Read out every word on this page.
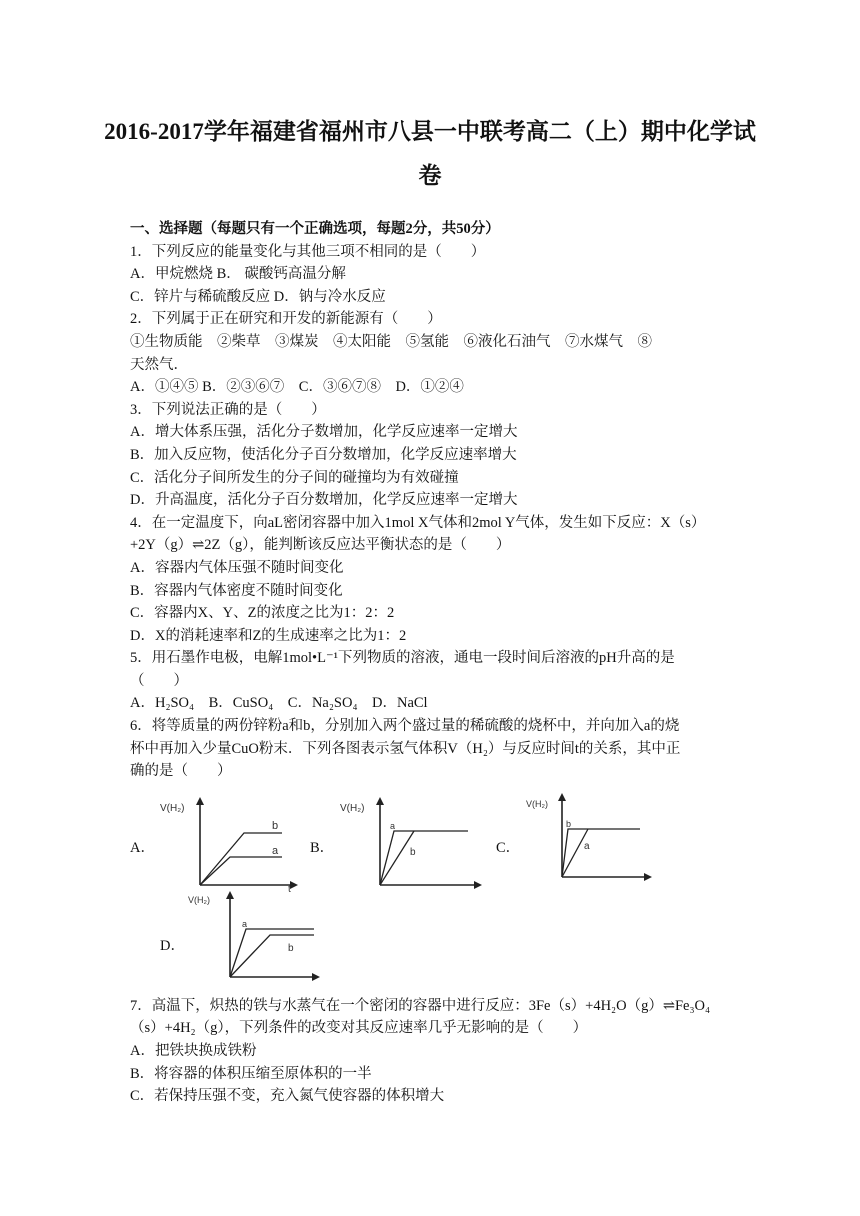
2016-2017学年福建省福州市八县一中联考高二（上）期中化学试卷
一、选择题（每题只有一个正确选项，每题2分，共50分）
1．下列反应的能量变化与其他三项不相同的是（　　）
A．甲烷燃烧 B． 碳酸钙高温分解
C．锌片与稀硫酸反应 D．钠与冷水反应
2．下列属于正在研究和开发的新能源有（　　）
①生物质能　②柴草　③煤炭　④太阳能　⑤氢能　⑥液化石油气　⑦水煤气　⑧
天然气．
A．①④⑤ B．②③⑥⑦　C．③⑥⑦⑧　D．①②④
3．下列说法正确的是（　　）
A．增大体系压强，活化分子数增加，化学反应速率一定增大
B．加入反应物，使活化分子百分数增加，化学反应速率增大
C．活化分子间所发生的分子间的碰撞均为有效碰撞
D．升高温度，活化分子百分数增加，化学反应速率一定增大
4．在一定温度下，向aL密闭容器中加入1mol X气体和2mol Y气体，发生如下反应：X（s）
+2Y（g）⇌2Z（g），能判断该反应达平衡状态的是（　　）
A．容器内气体压强不随时间变化
B．容器内气体密度不随时间变化
C．容器内X、Y、Z的浓度之比为1：2：2
D．X的消耗速率和Z的生成速率之比为1：2
5．用石墨作电极，电解1mol•L⁻¹下列物质的溶液，通电一段时间后溶液的pH升高的是
（　　）
A．H₂SO₄　B．CuSO₄　C．Na₂SO₄　D．NaCl
6．将等质量的两份锌粉a和b，分别加入两个盛过量的稀硫酸的烧杯中，并向加入a的烧
杯中再加入少量CuO粉末．下列各图表示氢气体积V（H₂）与反应时间t的关系，其中正
确的是（　　）
A．
V(H₂)
t
b
a B．
V(H₂)
a
b	C．
V(H₂)
b
a
D．
V(H₂)
a
b
7．高温下，炽热的铁与水蒸气在一个密闭的容器中进行反应：3Fe（s）+4H₂O（g）⇌Fe₃O₄
（s）+4H₂（g），下列条件的改变对其反应速率几乎无影响的是（　　）
A．把铁块换成铁粉
B．将容器的体积压缩至原体积的一半
C．若保持压强不变，充入氮气使容器的体积增大
